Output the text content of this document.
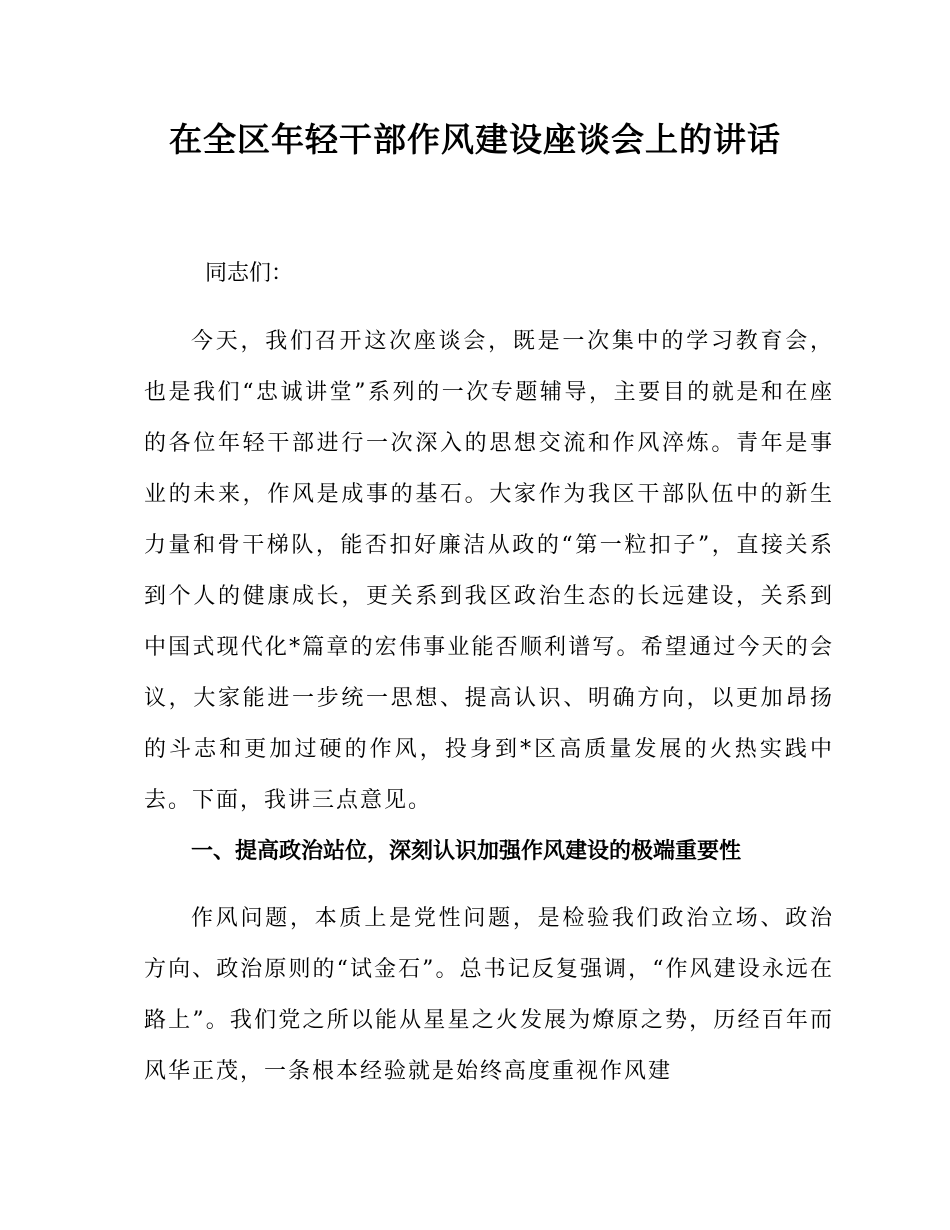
在全区年轻干部作风建设座谈会上的讲话

同志们：

今天，我们召开这次座谈会，既是一次集中的学习教育会，也是我们“忠诚讲堂”系列的一次专题辅导，主要目的就是和在座的各位年轻干部进行一次深入的思想交流和作风淬炼。青年是事业的未来，作风是成事的基石。大家作为我区干部队伍中的新生力量和骨干梯队，能否扣好廉洁从政的“第一粒扣子”，直接关系到个人的健康成长，更关系到我区政治生态的长远建设，关系到中国式现代化*篇章的宏伟事业能否顺利谱写。希望通过今天的会议，大家能进一步统一思想、提高认识、明确方向，以更加昂扬的斗志和更加过硬的作风，投身到*区高质量发展的火热实践中去。下面，我讲三点意见。

一、提高政治站位，深刻认识加强作风建设的极端重要性

作风问题，本质上是党性问题，是检验我们政治立场、政治方向、政治原则的“试金石”。总书记反复强调，“作风建设永远在路上”。我们党之所以能从星星之火发展为燎原之势，历经百年而风华正茂，一条根本经验就是始终高度重视作风建
